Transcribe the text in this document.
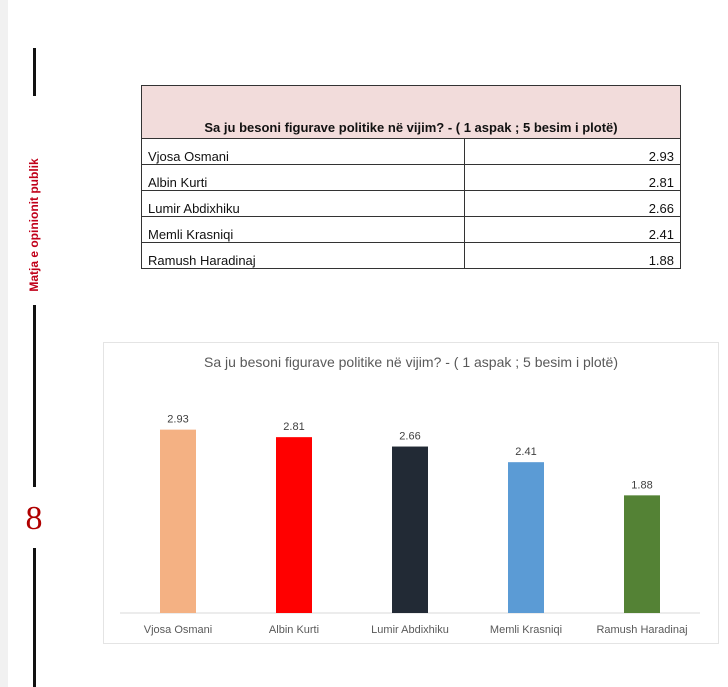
Matja e opinionit publik
8
Sa ju besoni figurave politike në vijim? - ( 1 aspak ; 5 besim i plotë)	
Vjosa Osmani	2.93
Albin Kurti	2.81
Lumir Abdixhiku	2.66
Memli Krasniqi	2.41
Ramush Haradinaj	1.88
Sa ju besoni figurave politike në vijim? - ( 1 aspak ; 5 besim i plotë)
2.93
Vjosa Osmani
2.81
Albin Kurti
2.66
Lumir Abdixhiku
2.41
Memli Krasniqi
1.88
Ramush Haradinaj
